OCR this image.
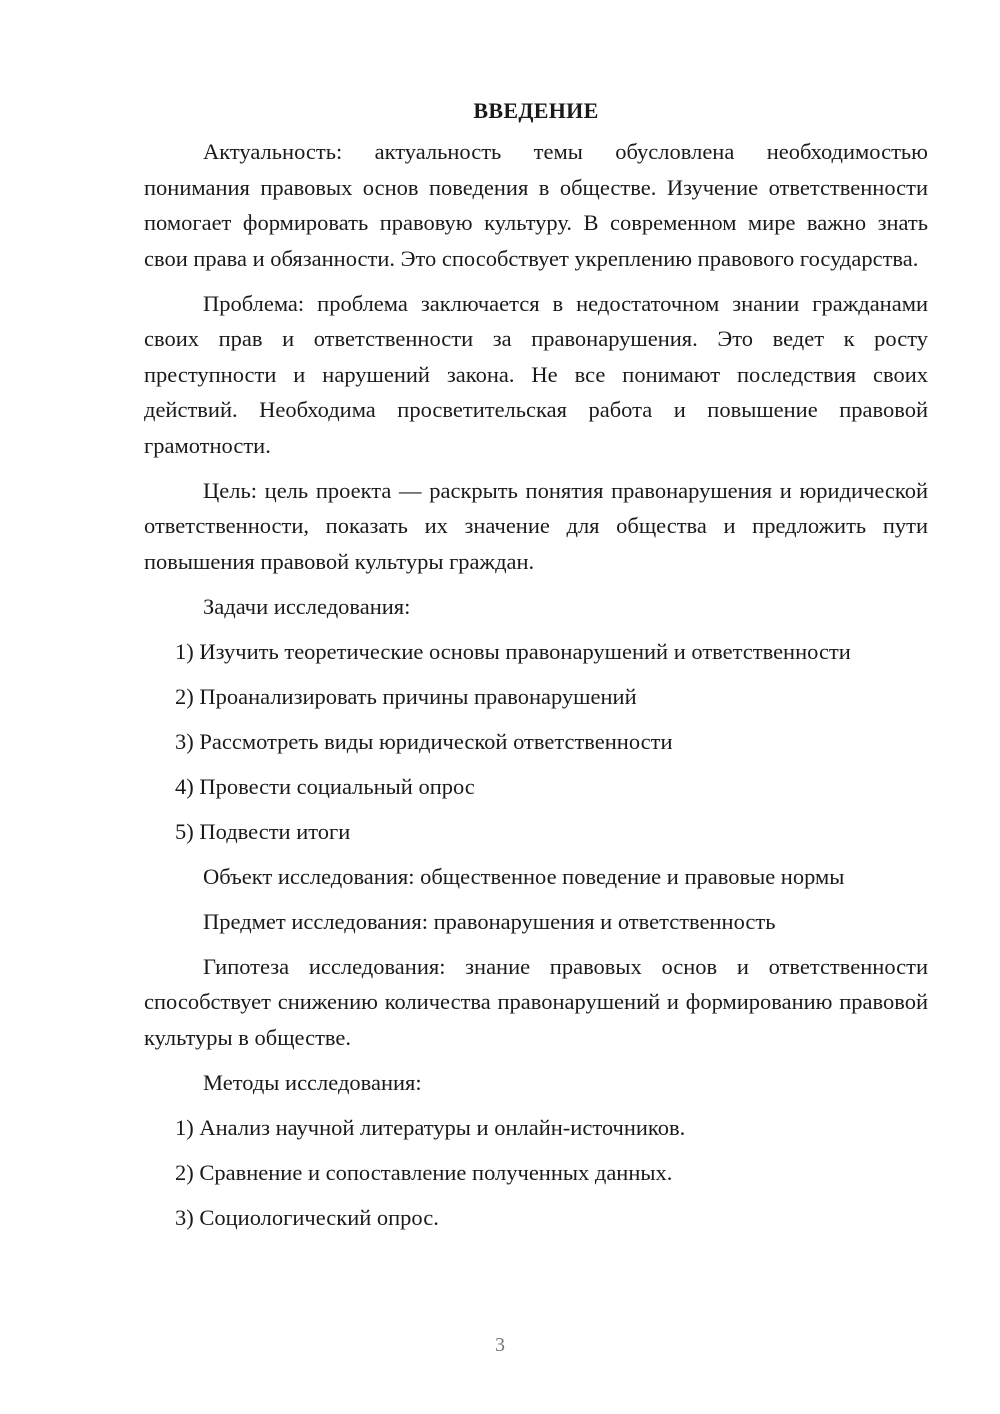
ВВЕДЕНИЕ

Актуальность: актуальность темы обусловлена необходимостью понимания правовых основ поведения в обществе. Изучение ответственности помогает формировать правовую культуру. В современном мире важно знать свои права и обязанности. Это способствует укреплению правового государства.

Проблема: проблема заключается в недостаточном знании гражданами своих прав и ответственности за правонарушения. Это ведет к росту преступности и нарушений закона. Не все понимают последствия своих действий. Необходима просветительская работа и повышение правовой грамотности.

Цель: цель проекта — раскрыть понятия правонарушения и юридической ответственности, показать их значение для общества и предложить пути повышения правовой культуры граждан.

Задачи исследования:

1) Изучить теоретические основы правонарушений и ответственности

2) Проанализировать причины правонарушений

3) Рассмотреть виды юридической ответственности

4) Провести социальный опрос

5) Подвести итоги

Объект исследования: общественное поведение и правовые нормы

Предмет исследования: правонарушения и ответственность

Гипотеза исследования: знание правовых основ и ответственности способствует снижению количества правонарушений и формированию правовой культуры в обществе.

Методы исследования:

1) Анализ научной литературы и онлайн-источников.

2) Сравнение и сопоставление полученных данных.

3) Социологический опрос.

3
